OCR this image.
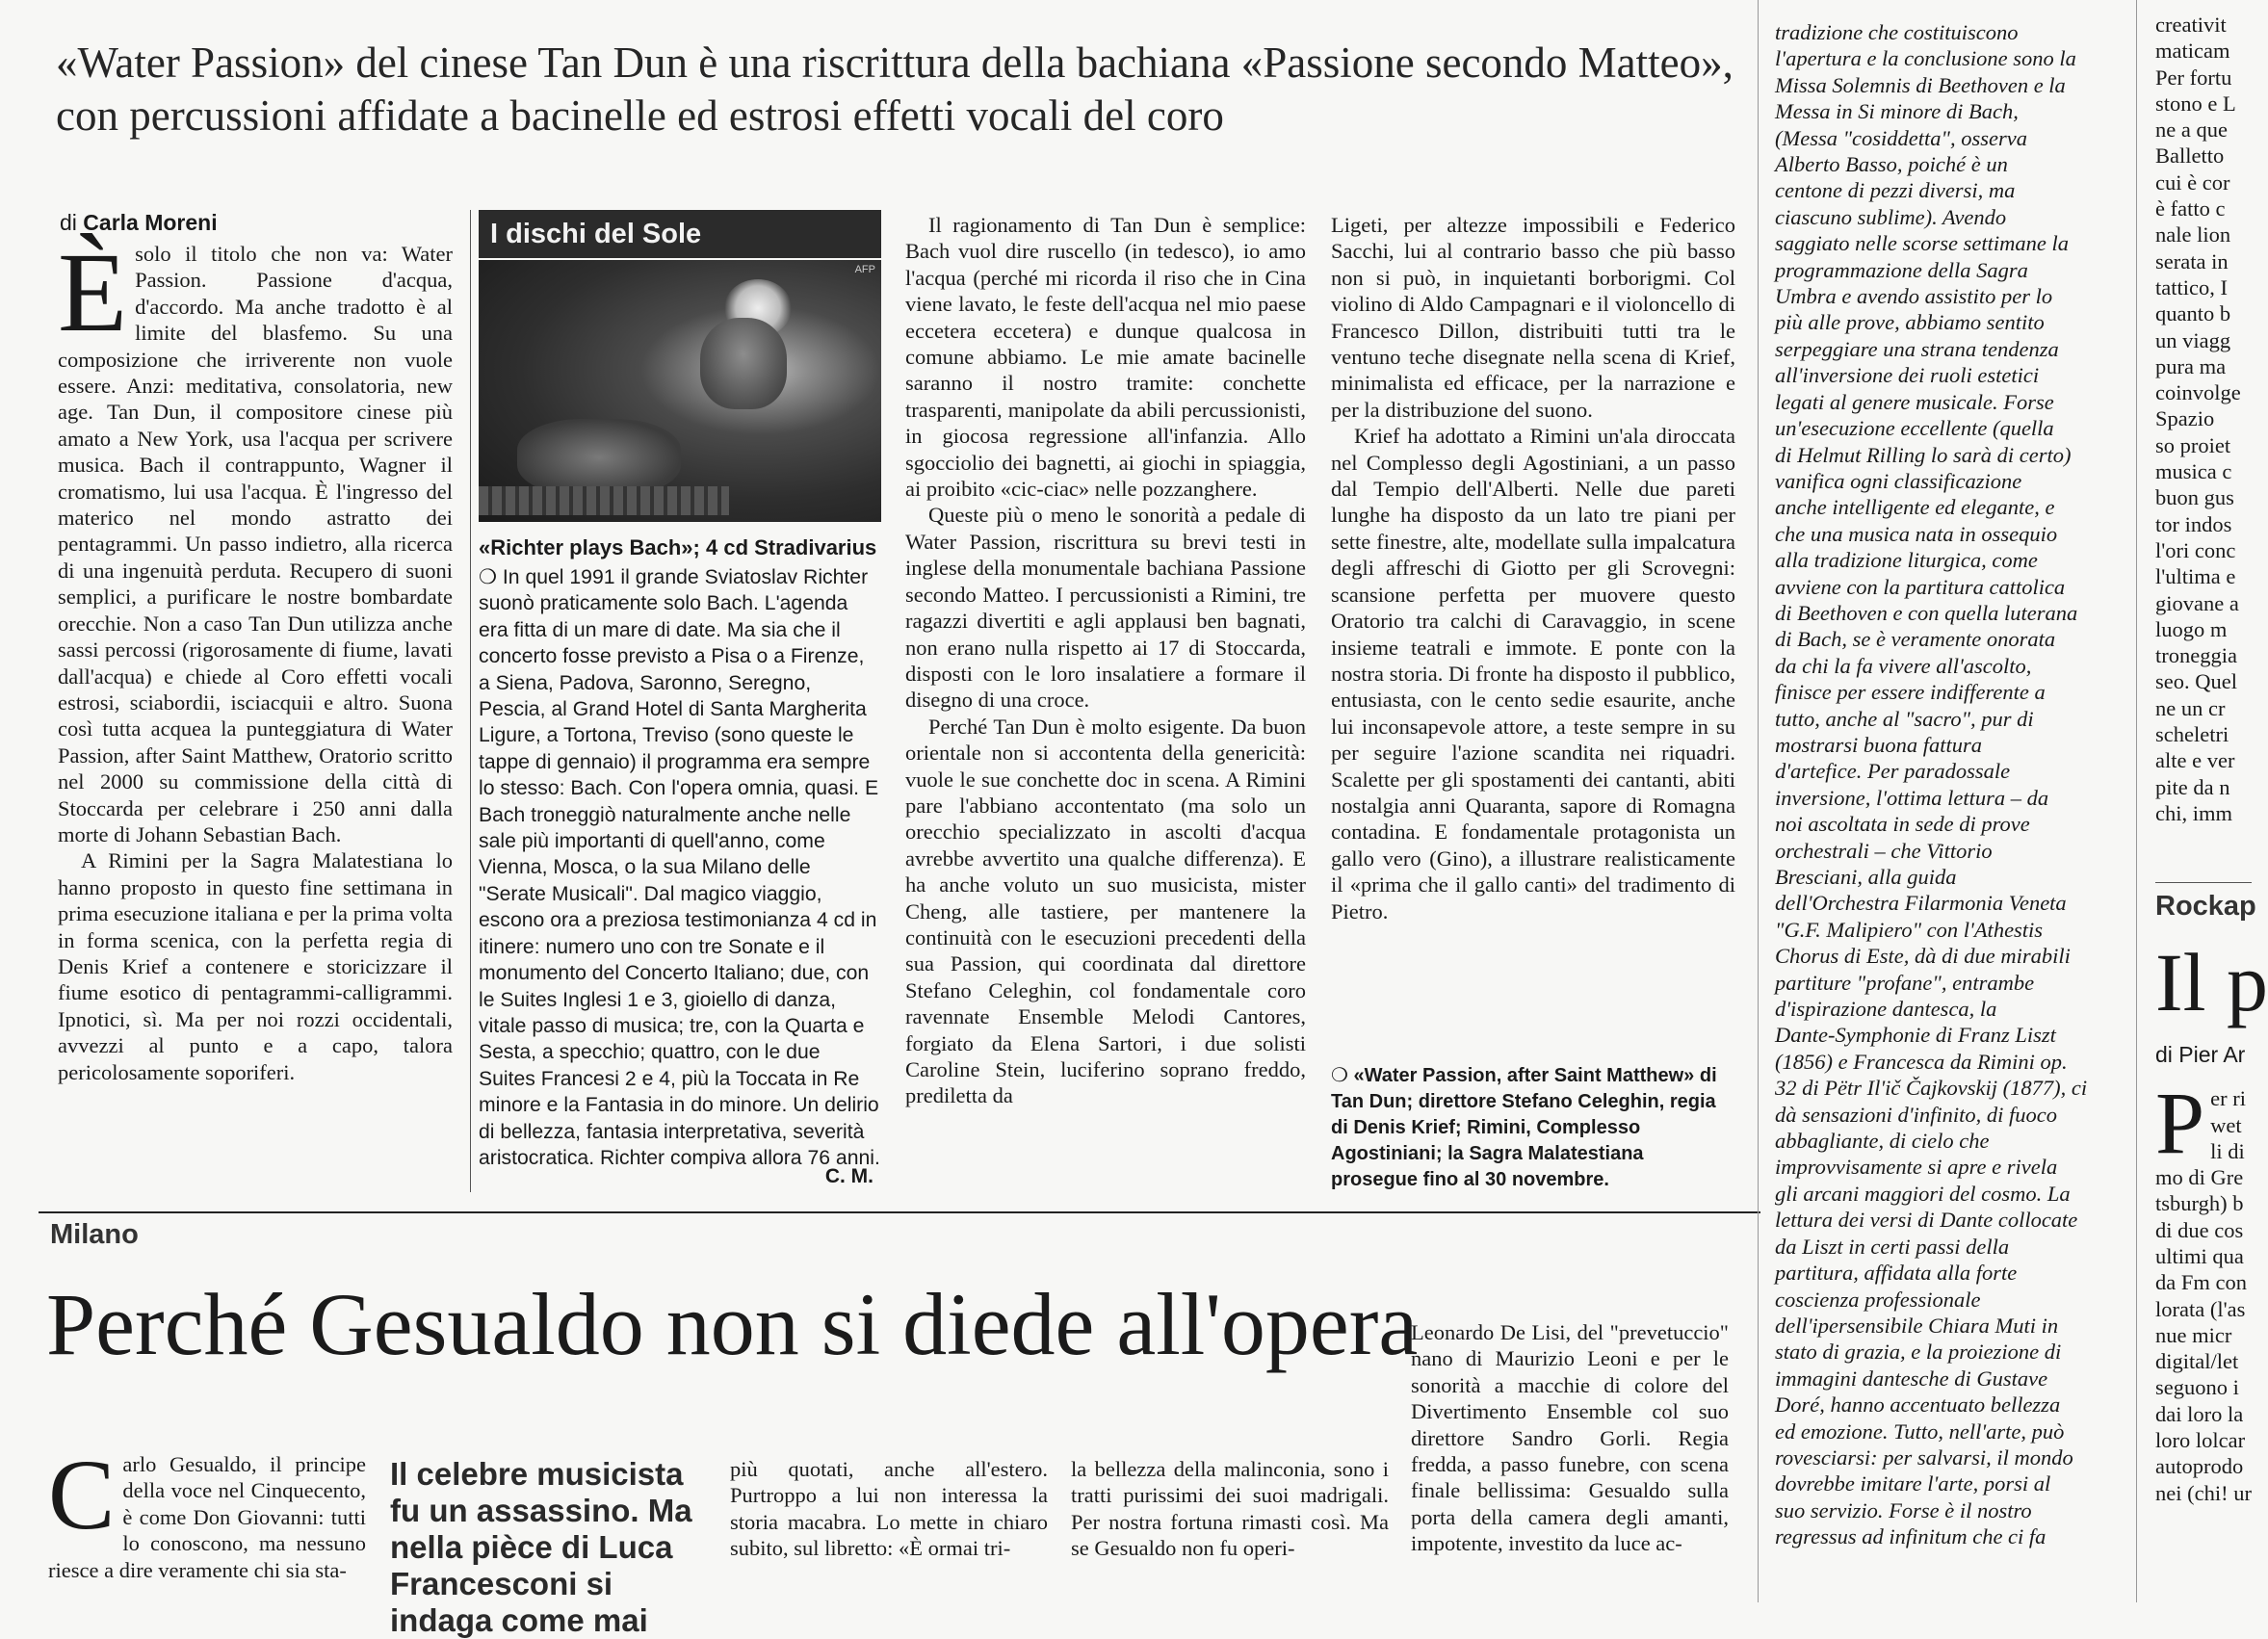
«Water Passion» del cinese Tan Dun è una riscrittura della bachiana «Passione secondo Matteo», con percussioni affidate a bacinelle ed estrosi effetti vocali del coro
di Carla Moreni

Èsolo il titolo che non va: Water Passion. Passione d'acqua, d'accordo. Ma anche tradotto è al limite del blasfemo. Su una composizione che irriverente non vuole essere. Anzi: meditativa, consolatoria, new age. Tan Dun, il compositore cinese più amato a New York, usa l'acqua per scrivere musica. Bach il contrappunto, Wagner il cromatismo, lui usa l'acqua. È l'ingresso del materico nel mondo astratto dei pentagrammi. Un passo indietro, alla ricerca di una ingenuità perduta. Recupero di suoni semplici, a purificare le nostre bombardate orecchie. Non a caso Tan Dun utilizza anche sassi percossi (rigorosamente di fiume, lavati dall'acqua) e chiede al Coro effetti vocali estrosi, sciabordii, isciacquii e altro. Suona così tutta acquea la punteggiatura di Water Passion, after Saint Matthew, Oratorio scritto nel 2000 su commissione della città di Stoccarda per celebrare i 250 anni dalla morte di Johann Sebastian Bach.

A Rimini per la Sagra Malatestiana lo hanno proposto in questo fine settimana in prima esecuzione italiana e per la prima volta in forma scenica, con la perfetta regia di Denis Krief a contenere e storicizzare il fiume esotico di pentagrammi-calligrammi. Ipnotici, sì. Ma per noi rozzi occidentali, avvezzi al punto e a capo, talora pericolosamente soporiferi.

I dischi del Sole
AFP
«Richter plays Bach»; 4 cd Stradivarius
❍ In quel 1991 il grande Sviatoslav Richter suonò praticamente solo Bach. L'agenda era fitta di un mare di date. Ma sia che il concerto fosse previsto a Pisa o a Firenze, a Siena, Padova, Saronno, Seregno, Pescia, al Grand Hotel di Santa Margherita Ligure, a Tortona, Treviso (sono queste le tappe di gennaio) il programma era sempre lo stesso: Bach. Con l'opera omnia, quasi. E Bach troneggiò naturalmente anche nelle sale più importanti di quell'anno, come Vienna, Mosca, o la sua Milano delle "Serate Musicali". Dal magico viaggio, escono ora a preziosa testimonianza 4 cd in itinere: numero uno con tre Sonate e il monumento del Concerto Italiano; due, con le Suites Inglesi 1 e 3, gioiello di danza, vitale passo di musica; tre, con la Quarta e Sesta, a specchio; quattro, con le due Suites Francesi 2 e 4, più la Toccata in Re minore e la Fantasia in do minore. Un delirio di bellezza, fantasia interpretativa, severità aristocratica. Richter compiva allora 76 anni.
C. M.

Il ragionamento di Tan Dun è semplice: Bach vuol dire ruscello (in tedesco), io amo l'acqua (perché mi ricorda il riso che in Cina viene lavato, le feste dell'acqua nel mio paese eccetera eccetera) e dunque qualcosa in comune abbiamo. Le mie amate bacinelle saranno il nostro tramite: conchette trasparenti, manipolate da abili percussionisti, in giocosa regressione all'infanzia. Allo sgocciolio dei bagnetti, ai giochi in spiaggia, ai proibito «cic-ciac» nelle pozzanghere.

Queste più o meno le sonorità a pedale di Water Passion, riscrittura su brevi testi in inglese della monumentale bachiana Passione secondo Matteo. I percussionisti a Rimini, tre ragazzi divertiti e agli applausi ben bagnati, non erano nulla rispetto ai 17 di Stoccarda, disposti con le loro insalatiere a formare il disegno di una croce.

Perché Tan Dun è molto esigente. Da buon orientale non si accontenta della genericità: vuole le sue conchette doc in scena. A Rimini pare l'abbiano accontentato (ma solo un orecchio specializzato in ascolti d'acqua avrebbe avvertito una qualche differenza). E ha anche voluto un suo musicista, mister Cheng, alle tastiere, per mantenere la continuità con le esecuzioni precedenti della sua Passion, qui coordinata dal direttore Stefano Celeghin, col fondamentale coro ravennate Ensemble Melodi Cantores, forgiato da Elena Sartori, i due solisti Caroline Stein, luciferino soprano freddo, prediletta da

Ligeti, per altezze impossibili e Federico Sacchi, lui al contrario basso che più basso non si può, in inquietanti borborigmi. Col violino di Aldo Campagnari e il violoncello di Francesco Dillon, distribuiti tutti tra le ventuno teche disegnate nella scena di Krief, minimalista ed efficace, per la narrazione e per la distribuzione del suono.

Krief ha adottato a Rimini un'ala diroccata nel Complesso degli Agostiniani, a un passo dal Tempio dell'Alberti. Nelle due pareti lunghe ha disposto da un lato tre piani per sette finestre, alte, modellate sulla impalcatura degli affreschi di Giotto per gli Scrovegni: scansione perfetta per muovere questo Oratorio tra calchi di Caravaggio, in scene insieme teatrali e immote. E ponte con la nostra storia. Di fronte ha disposto il pubblico, entusiasta, con le cento sedie esaurite, anche lui inconsapevole attore, a teste sempre in su per seguire l'azione scandita nei riquadri. Scalette per gli spostamenti dei cantanti, abiti nostalgia anni Quaranta, sapore di Romagna contadina. E fondamentale protagonista un gallo vero (Gino), a illustrare realisticamente il «prima che il gallo canti» del tradimento di Pietro.

❍ «Water Passion, after Saint Matthew» di Tan Dun; direttore Stefano Celeghin, regia di Denis Krief; Rimini, Complesso Agostiniani; la Sagra Malatestiana prosegue fino al 30 novembre.
Milano
Perché Gesualdo non si diede all'opera

Carlo Gesualdo, il principe della voce nel Cinquecento, è come Don Giovanni: tutti lo conoscono, ma nessuno riesce a dire veramente chi sia sta-

Il celebre musicista fu un assassino. Ma nella pièce di Luca Francesconi si indaga come mai
più quotati, anche all'estero. Purtroppo a lui non interessa la storia macabra. Lo mette in chiaro subito, sul libretto: «È ormai tri-
la bellezza della malinconia, sono i tratti purissimi dei suoi madrigali. Per nostra fortuna rimasti così. Ma se Gesualdo non fu operi-
Leonardo De Lisi, del "prevetuccio" nano di Maurizio Leoni e per le sonorità a macchie di colore del Divertimento Ensemble col suo direttore Sandro Gorli. Regia fredda, a passo funebre, con scena finale bellissima: Gesualdo sulla porta della camera degli amanti, impotente, investito da luce ac-
tradizione che costituiscono
l'apertura e la conclusione sono la
Missa Solemnis di Beethoven e la
Messa in Si minore di Bach,
(Messa "cosiddetta", osserva
Alberto Basso, poiché è un
centone di pezzi diversi, ma
ciascuno sublime). Avendo
saggiato nelle scorse settimane la
programmazione della Sagra
Umbra e avendo assistito per lo
più alle prove, abbiamo sentito
serpeggiare una strana tendenza
all'inversione dei ruoli estetici
legati al genere musicale. Forse
un'esecuzione eccellente (quella
di Helmut Rilling lo sarà di certo)
vanifica ogni classificazione
anche intelligente ed elegante, e
che una musica nata in ossequio
alla tradizione liturgica, come
avviene con la partitura cattolica
di Beethoven e con quella luterana
di Bach, se è veramente onorata
da chi la fa vivere all'ascolto,
finisce per essere indifferente a
tutto, anche al "sacro", pur di
mostrarsi buona fattura
d'artefice. Per paradossale
inversione, l'ottima lettura – da
noi ascoltata in sede di prove
orchestrali – che Vittorio
Bresciani, alla guida
dell'Orchestra Filarmonia Veneta
"G.F. Malipiero" con l'Athestis
Chorus di Este, dà di due mirabili
partiture "profane", entrambe
d'ispirazione dantesca, la
Dante-Symphonie di Franz Liszt
(1856) e Francesca da Rimini op.
32 di Pëtr Il'ič Čajkovskij (1877), ci
dà sensazioni d'infinito, di fuoco
abbagliante, di cielo che
improvvisamente si apre e rivela
gli arcani maggiori del cosmo. La
lettura dei versi di Dante collocate
da Liszt in certi passi della
partitura, affidata alla forte
coscienza professionale
dell'ipersensibile Chiara Muti in
stato di grazia, e la proiezione di
immagini dantesche di Gustave
Doré, hanno accentuato bellezza
ed emozione. Tutto, nell'arte, può
rovesciarsi: per salvarsi, il mondo
dovrebbe imitare l'arte, porsi al
suo servizio. Forse è il nostro
regressus ad infinitum che ci fa
creativit
maticam
Per fortu
stono e L
ne a que
Balletto
cui è cor
è fatto c
nale lion
serata in
tattico, I
quanto b
un viagg
pura ma
coinvolge
Spazio
so proiet
musica c
buon gus
tor indos
l'ori conc
l'ultima e
giovane a
luogo m
troneggia
seo. Quel
ne un cr
scheletri
alte e ver
pite da n
chi, imm
Rockap
Il p
di Pier Ar
P er ri
wet
li di
mo di Gre
tsburgh) b
di due cos
ultimi qua
da Fm con
lorata (l'as
nue micr
digital/let
seguono i
dai loro la
loro lolcar
autoprodo
nei (chi! ur
